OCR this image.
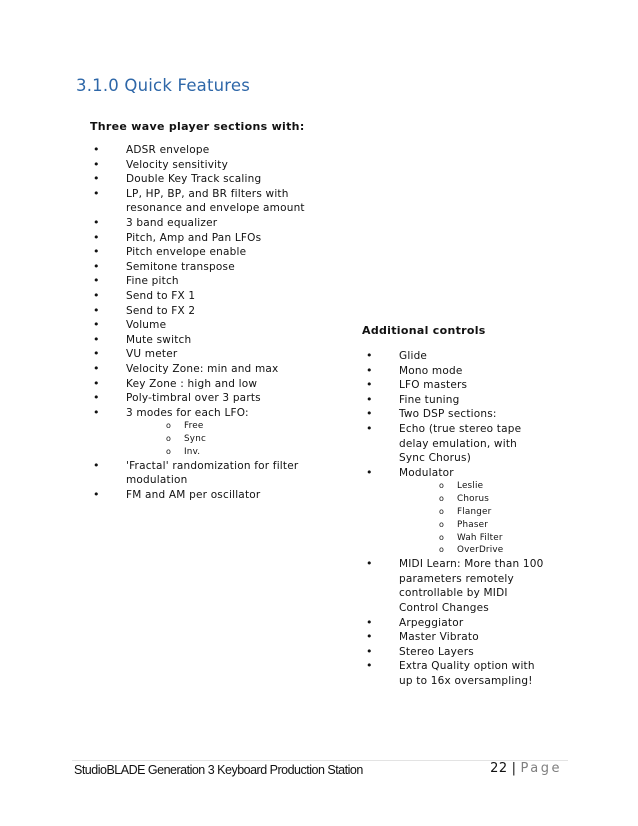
3.1.0 Quick Features
Three wave player sections with:
• ADSR envelope
• Velocity sensitivity
• Double Key Track scaling
• LP, HP, BP, and BR filters with resonance and envelope amount
• 3 band equalizer
• Pitch, Amp and Pan LFOs
• Pitch envelope enable
• Semitone transpose
• Fine pitch
• Send to FX 1
• Send to FX 2
• Volume
• Mute switch
• VU meter
• Velocity Zone: min and max
• Key Zone : high and low
• Poly-timbral over 3 parts
• 3 modes for each LFO:
o Free
o Sync
o Inv.
• 'Fractal' randomization for filter modulation
• FM and AM per oscillator
Additional controls
• Glide
• Mono mode
• LFO masters
• Fine tuning
• Two DSP sections:
• Echo (true stereo tape delay emulation, with Sync Chorus)
• Modulator
o Leslie
o Chorus
o Flanger
o Phaser
o Wah Filter
o OverDrive
• MIDI Learn: More than 100 parameters remotely controllable by MIDI Control Changes
• Arpeggiator
• Master Vibrato
• Stereo Layers
• Extra Quality option with up to 16x oversampling!
StudioBLADE Generation 3 Keyboard Production Station	22 | Page
